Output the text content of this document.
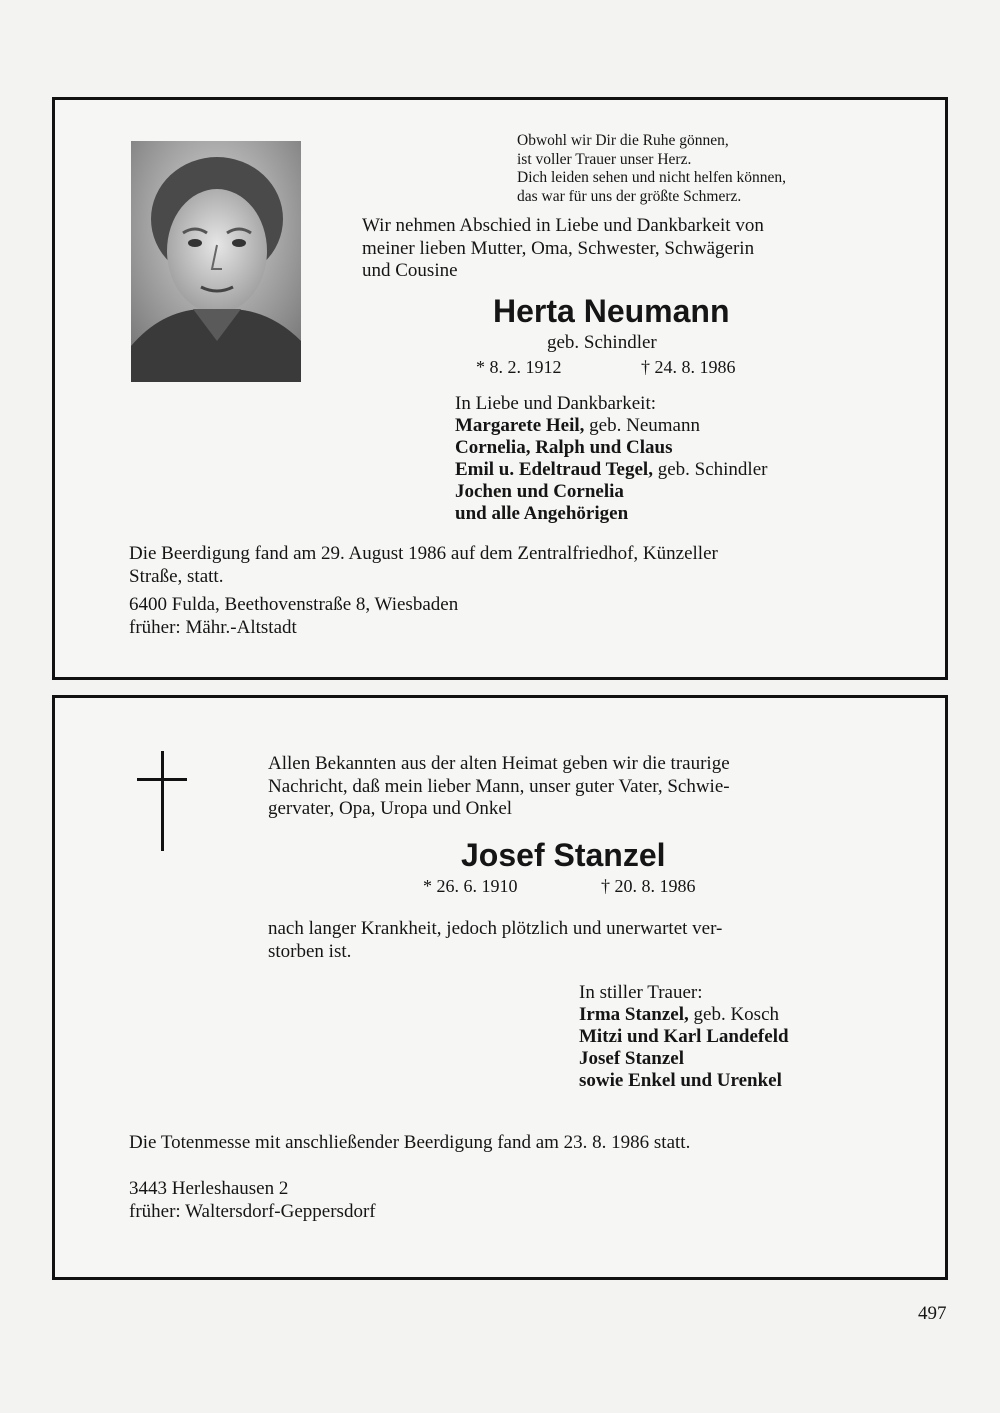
Obwohl wir Dir die Ruhe gönnen,
ist voller Trauer unser Herz.
Dich leiden sehen und nicht helfen können,
das war für uns der größte Schmerz.
Wir nehmen Abschied in Liebe und Dankbarkeit von
meiner lieben Mutter, Oma, Schwester, Schwägerin
und Cousine
Herta Neumann
geb. Schindler
* 8. 2. 1912	† 24. 8. 1986
In Liebe und Dankbarkeit:
Margarete Heil, geb. Neumann
Cornelia, Ralph und Claus
Emil u. Edeltraud Tegel, geb. Schindler
Jochen und Cornelia
und alle Angehörigen
Die Beerdigung fand am 29. August 1986 auf dem Zentralfriedhof, Künzeller
Straße, statt.
6400 Fulda, Beethovenstraße 8, Wiesbaden
früher: Mähr.-Altstadt
Allen Bekannten aus der alten Heimat geben wir die traurige
Nachricht, daß mein lieber Mann, unser guter Vater, Schwie-
gervater, Opa, Uropa und Onkel
Josef Stanzel
* 26. 6. 1910	† 20. 8. 1986
nach langer Krankheit, jedoch plötzlich und unerwartet ver-
storben ist.
In stiller Trauer:
Irma Stanzel, geb. Kosch
Mitzi und Karl Landefeld
Josef Stanzel
sowie Enkel und Urenkel
Die Totenmesse mit anschließender Beerdigung fand am 23. 8. 1986 statt.
3443 Herleshausen 2
früher: Waltersdorf-Geppersdorf
497
